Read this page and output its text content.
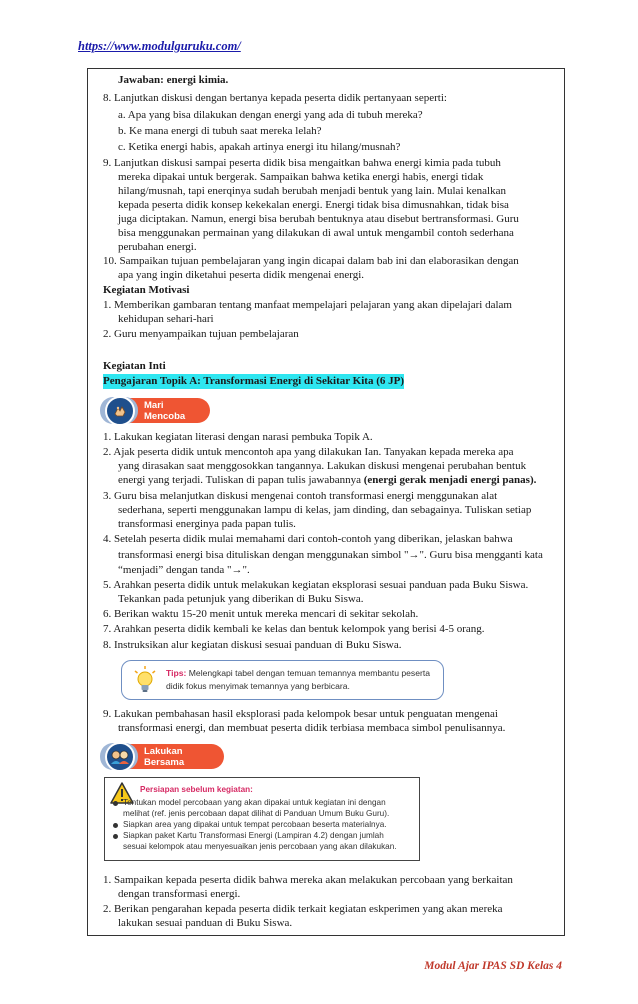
https://www.modulguruku.com/
Jawaban: energi kimia.
8. Lanjutkan diskusi dengan bertanya kepada peserta didik pertanyaan seperti:
a. Apa yang bisa dilakukan dengan energi yang ada di tubuh mereka?
b. Ke mana energi di tubuh saat mereka lelah?
c. Ketika energi habis, apakah artinya energi itu hilang/musnah?
9. Lanjutkan diskusi sampai peserta didik bisa mengaitkan bahwa energi kimia pada tubuh
mereka dipakai untuk bergerak. Sampaikan bahwa ketika energi habis, energi tidak
hilang/musnah, tapi enerqinya sudah berubah menjadi bentuk yang lain. Mulai kenalkan
kepada peserta didik konsep kekekalan energi. Energi tidak bisa dimusnahkan, tidak bisa
juga diciptakan. Namun, energi bisa berubah bentuknya atau disebut bertransformasi. Guru
bisa menggunakan permainan yang dilakukan di awal untuk mengambil contoh sederhana
perubahan energi.
10. Sampaikan tujuan pembelajaran yang ingin dicapai dalam bab ini dan elaborasikan dengan
apa yang ingin diketahui peserta didik mengenai energi.
Kegiatan Motivasi
1. Memberikan gambaran tentang manfaat mempelajari pelajaran yang akan dipelajari dalam
kehidupan sehari-hari
2. Guru menyampaikan tujuan pembelajaran
Kegiatan Inti
Pengajaran Topik A: Transformasi Energi di Sekitar Kita (6 JP)
Mari Mencoba
1. Lakukan kegiatan literasi dengan narasi pembuka Topik A.
2. Ajak peserta didik untuk mencontoh apa yang dilakukan Ian. Tanyakan kepada mereka apa
yang dirasakan saat menggosokkan tangannya. Lakukan diskusi mengenai perubahan bentuk
energi yang terjadi. Tuliskan di papan tulis jawabannya (energi gerak menjadi energi panas).
3. Guru bisa melanjutkan diskusi mengenai contoh transformasi energi menggunakan alat
sederhana, seperti menggunakan lampu di kelas, jam dinding, dan sebagainya. Tuliskan setiap
transformasi energinya pada papan tulis.
4. Setelah peserta didik mulai memahami dari contoh-contoh yang diberikan, jelaskan bahwa
transformasi energi bisa dituliskan dengan menggunakan simbol "→". Guru bisa mengganti kata
“menjadi” dengan tanda "→".
5. Arahkan peserta didik untuk melakukan kegiatan eksplorasi sesuai panduan pada Buku Siswa.
Tekankan pada petunjuk yang diberikan di Buku Siswa.
6. Berikan waktu 15-20 menit untuk mereka mencari di sekitar sekolah.
7. Arahkan peserta didik kembali ke kelas dan bentuk kelompok yang berisi 4-5 orang.
8. Instruksikan alur kegiatan diskusi sesuai panduan di Buku Siswa.
Tips: Melengkapi tabel dengan temuan temannya membantu peserta
didik fokus menyimak temannya yang berbicara.
9. Lakukan pembahasan hasil eksplorasi pada kelompok besar untuk penguatan mengenai
transformasi energi, dan membuat peserta didik terbiasa membaca simbol penulisannya.
Lakukan Bersama
Persiapan sebelum kegiatan:
Tentukan model percobaan yang akan dipakai untuk kegiatan ini dengan
melihat (ref. jenis percobaan dapat dilihat di Panduan Umum Buku Guru).
Siapkan area yang dipakai untuk tempat percobaan beserta materialnya.
Siapkan paket Kartu Transformasi Energi (Lampiran 4.2) dengan jumlah
sesuai kelompok atau menyesuaikan jenis percobaan yang akan dilakukan.
1. Sampaikan kepada peserta didik bahwa mereka akan melakukan percobaan yang berkaitan
dengan transformasi energi.
2. Berikan pengarahan kepada peserta didik terkait kegiatan eskperimen yang akan mereka
lakukan sesuai panduan di Buku Siswa.
Modul Ajar IPAS SD Kelas 4
